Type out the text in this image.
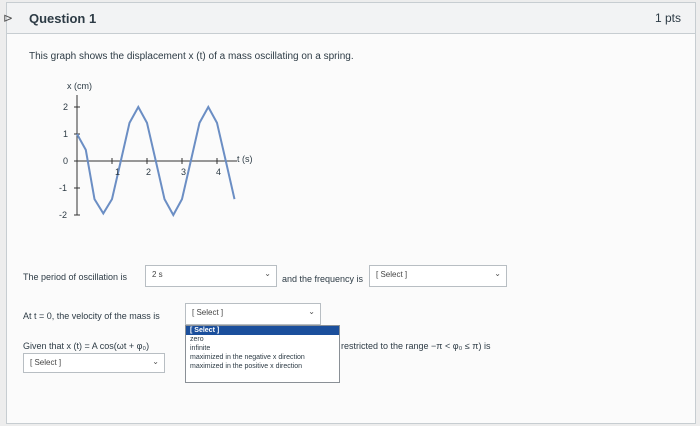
⊳ Question 1	1 pts
This graph shows the displacement x (t) of a mass oscillating on a spring.
x (cm)
t (s)
2
1
0
-1
-2
1	2	3	4
The period of oscillation is	2 s	⌄
and the frequency is	[ Select ]	⌄
At t = 0, the velocity of the mass is	[ Select ]	⌄
Given that x (t) = A cos(ωt + φ₀)
[ Select ]	⌄
restricted to the range −π < φ₀ ≤ π) is
[ Select ]
zero
infinite
maximized in the negative x direction
maximized in the positive x direction
